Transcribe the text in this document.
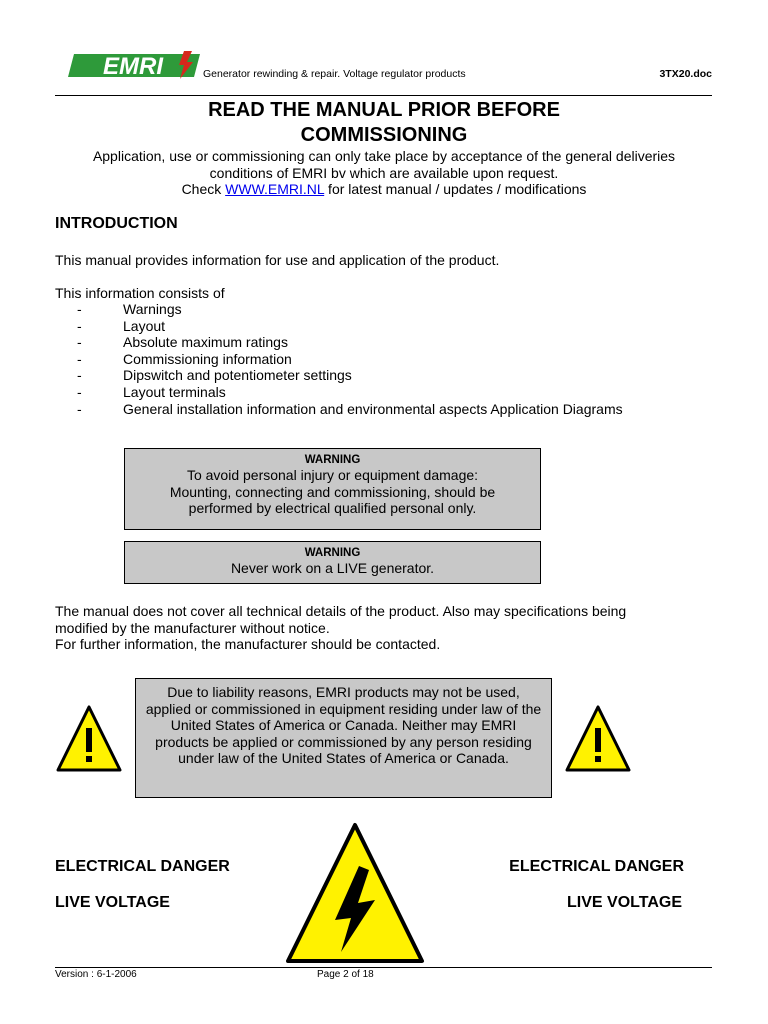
EMRI	Generator rewinding & repair. Voltage regulator products	3TX20.doc
READ THE MANUAL PRIOR BEFORE
COMMISSIONING
Application, use or commissioning can only take place by acceptance of the general deliveries
conditions of EMRI bv which are available upon request.
Check WWW.EMRI.NL for latest manual / updates / modifications
INTRODUCTION
This manual provides information for use and application of the product.
This information consists of
-	Warnings
-	Layout
-	Absolute maximum ratings
-	Commissioning information
-	Dipswitch and potentiometer settings
-	Layout terminals
-	General installation information and environmental aspects Application Diagrams
WARNING
To avoid personal injury or equipment damage:
Mounting, connecting and commissioning, should be
performed by electrical qualified personal only.
WARNING
Never work on a LIVE generator.
The manual does not cover all technical details of the product. Also may specifications being
modified by the manufacturer without notice.
For further information, the manufacturer should be contacted.
Due to liability reasons, EMRI products may not be used, applied or commissioned in equipment residing under law of the United States of America or Canada. Neither may EMRI products be applied or commissioned by any person residing under law of the United States of America or Canada.
ELECTRICAL DANGER
LIVE VOLTAGE
ELECTRICAL DANGER
LIVE VOLTAGE
Version : 6-1-2006	Page 2 of 18
